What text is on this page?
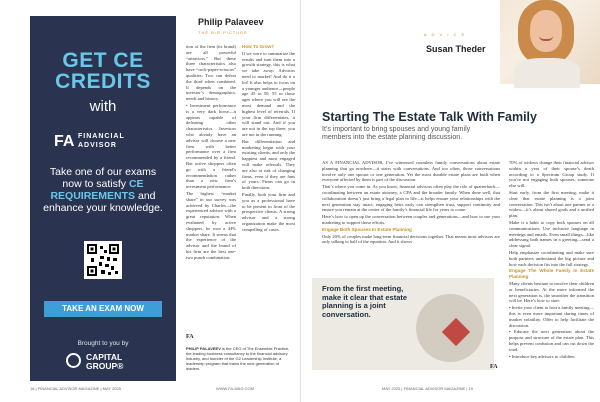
GET CE
CREDITS
with
FA FINANCIAL
ADVISOR
Take one of our exams now to satisfy CE REQUIREMENTS and enhance your knowledge.
TAKE AN EXAM NOW
Brought to you by
CAPITAL
GROUP®
Philip Palaveev
THE BIG PICTURE

tion of the firm (its brand) are all powerful “attractors.” But these three characteristics also have “rock-paper-scissors” qualities: Two can defeat the third when combined. It depends on the investor’s demographics, needs and history.

• Investment performance is a very dark horse—it appears capable of defeating other characteristics. Investors who already have an advisor will choose a new firm with better performance over a firm recommended by a friend. But active shoppers often go with a friend’s recommendation rather than a new firm’s investment performance.

The highest “market share” in our survey was achieved by Charles—the experienced advisor with a great reputation. When evaluated by active shoppers, he won a 44% market share. It seems that the experience of the advisor and the brand of his firm are the best one-two punch combination.

How To Grow?

If we were to summarize the results and turn them into a growth strategy, this is what we take away: Advisors need to market! And do it a lot! It also helps to focus on a younger audience—people age 45 to 50, 55 or those ages where you will see the most demand and the highest level of referrals. If your firm differentiates, it will stand out. And if you are not in the top three, you are not in the running.

But differentiation and marketing begin with your existing clients, and only the happiest and most engaged will make referrals. They are also at risk of changing firms, even if they are fans of yours. Firms can go in both directions.

Finally, both your firm and you as a professional have to be present in front of the prospective clients. A strong advisor and a strong organization make the most compelling of cases.

FA
PHILIP PALAVEEV is the CEO of The Ensemble Practice, the leading business consultancy to the financial advisory industry, and founder of the G2 Leadership Institute, a leadership program that trains the next generation of leaders.
18 | FINANCIAL ADVISOR MAGAZINE | MAY 2025	WWW.FA-MAG.COM
A D V I C E
Susan Theder
Starting The Estate Talk With Family
It’s important to bring spouses and young family members into the estate planning discussion.

AS A FINANCIAL ADVISOR, I’ve witnessed countless family conversations about estate planning that go nowhere—it starts with conversations. And too often, those conversations involve only one spouse or one generation. Yet the most durable estate plans are built when everyone affected by them is part of the discussion.

That’s where you come in. As you know, financial advisors often play the role of quarterback—coordinating between an estate attorney, a CPA and the broader family. When done well, that collaboration doesn’t just bring a legal plan to life—it helps ensure your relationships with the next generation stay intact, engaging heirs early can strengthen trust, support continuity and ensure you remain at the center of the family’s financial life for years to come.

Here’s how to open up the conversation between couples and generations—and how to use your marketing to support those efforts.

Engage Both Spouses In Estate Planning

Only 20% of couples make long-term financial decisions together. That means most advisors are only talking to half of the equation. And it shows

70% of widows change their financial advisor within a year of their spouse’s death according to a Spectrum Group study. If you’re not engaging both spouses, someone else will.

Start early, from the first meeting, make it clear that estate planning is a joint conversation. This isn’t about one partner or a widow—it’s about shared goals and a unified plan.

Make it a habit to copy both spouses on all communications. Use inclusive language in meetings and emails. Even small things—like addressing both names in a greeting—send a clear signal.

Help emphasize coordinating and make sure both partners understand the big picture and how each decision fits into the full strategy.

Engage The Whole Family In Estate Planning

Many clients hesitate to involve their children or beneficiaries. At the more informed the next generation is, the smoother the transition will be. Here’s how to start:

• Invite your client to host a family meeting—this is even more important during times of market volatility. Offer to help facilitate the discussion.

• Educate the next generation about the purpose and structure of the estate plan. This helps prevent confusion and can cut down the road.

• Introduce key advisors to children

From the first meeting, make it clear that estate planning is a joint conversation.
FA
MAY 2025 | FINANCIAL ADVISOR MAGAZINE | 19
